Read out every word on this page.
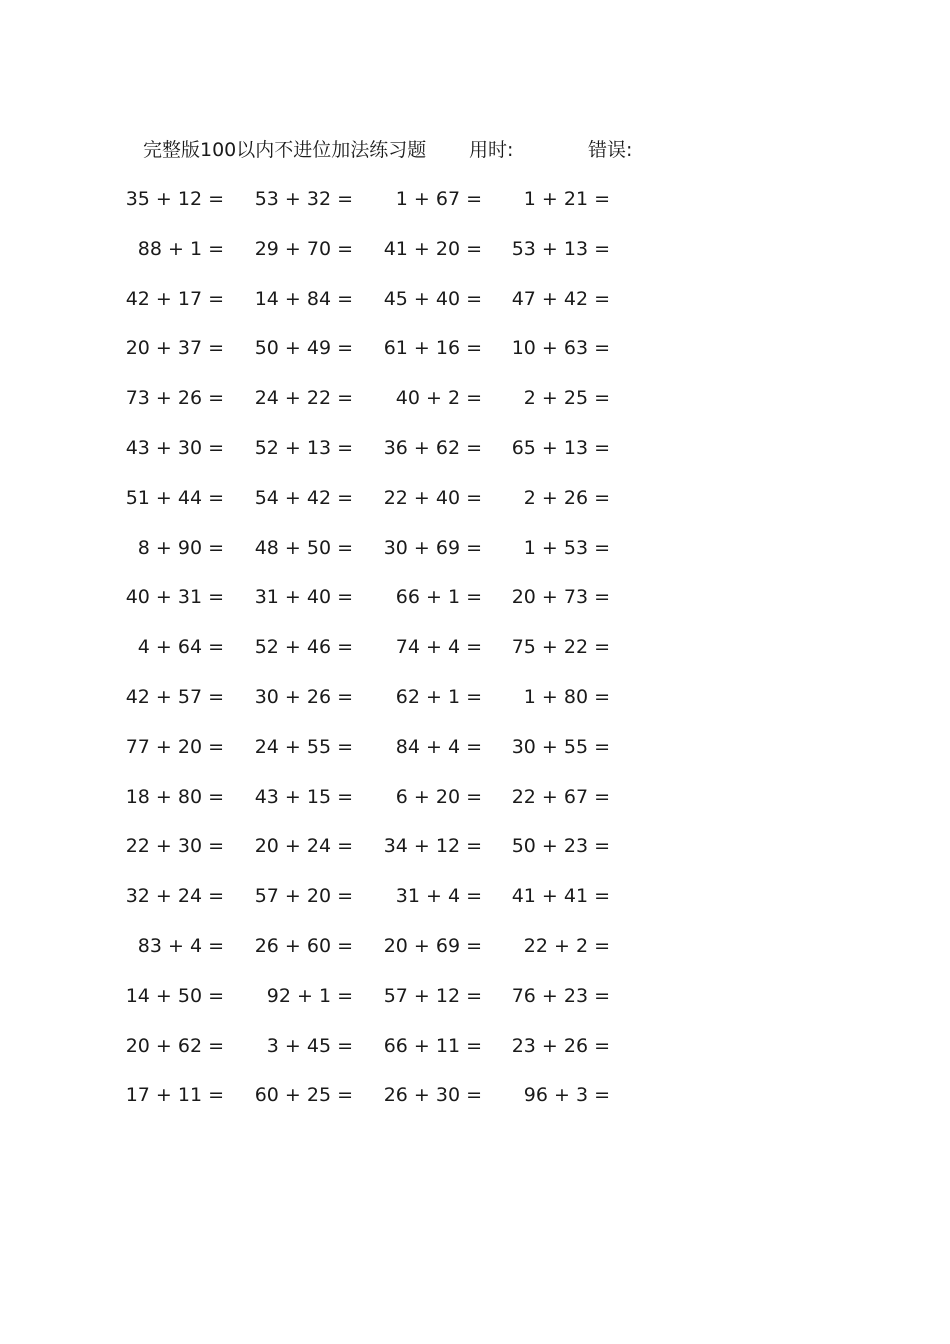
完整版100以内不进位加法练习题 用时:	错误:
35 + 12 =	53 + 32 =	1 + 67 =	1 + 21 =
88 + 1 =	29 + 70 =	41 + 20 =	53 + 13 =
42 + 17 =	14 + 84 =	45 + 40 =	47 + 42 =
20 + 37 =	50 + 49 =	61 + 16 =	10 + 63 =
73 + 26 =	24 + 22 =	40 + 2 =	2 + 25 =
43 + 30 =	52 + 13 =	36 + 62 =	65 + 13 =
51 + 44 =	54 + 42 =	22 + 40 =	2 + 26 =
8 + 90 =	48 + 50 =	30 + 69 =	1 + 53 =
40 + 31 =	31 + 40 =	66 + 1 =	20 + 73 =
4 + 64 =	52 + 46 =	74 + 4 =	75 + 22 =
42 + 57 =	30 + 26 =	62 + 1 =	1 + 80 =
77 + 20 =	24 + 55 =	84 + 4 =	30 + 55 =
18 + 80 =	43 + 15 =	6 + 20 =	22 + 67 =
22 + 30 =	20 + 24 =	34 + 12 =	50 + 23 =
32 + 24 =	57 + 20 =	31 + 4 =	41 + 41 =
83 + 4 =	26 + 60 =	20 + 69 =	22 + 2 =
14 + 50 =	92 + 1 =	57 + 12 =	76 + 23 =
20 + 62 =	3 + 45 =	66 + 11 =	23 + 26 =
17 + 11 =	60 + 25 =	26 + 30 =	96 + 3 =
